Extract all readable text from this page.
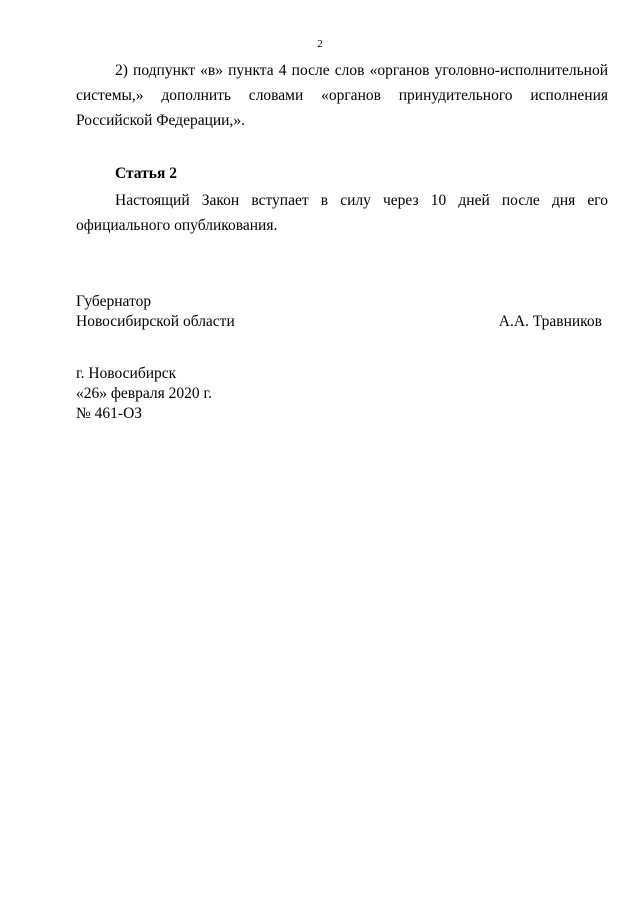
2
2) подпункт «в» пункта 4 после слов «органов уголовно-исполнительной системы,» дополнить словами «органов принудительного исполнения Российской Федерации,».
Статья 2
Настоящий Закон вступает в силу через 10 дней после дня его официального опубликования.
Губернатор
Новосибирской области	А.А. Травников
г. Новосибирск
«26» февраля 2020 г.
№ 461-ОЗ
